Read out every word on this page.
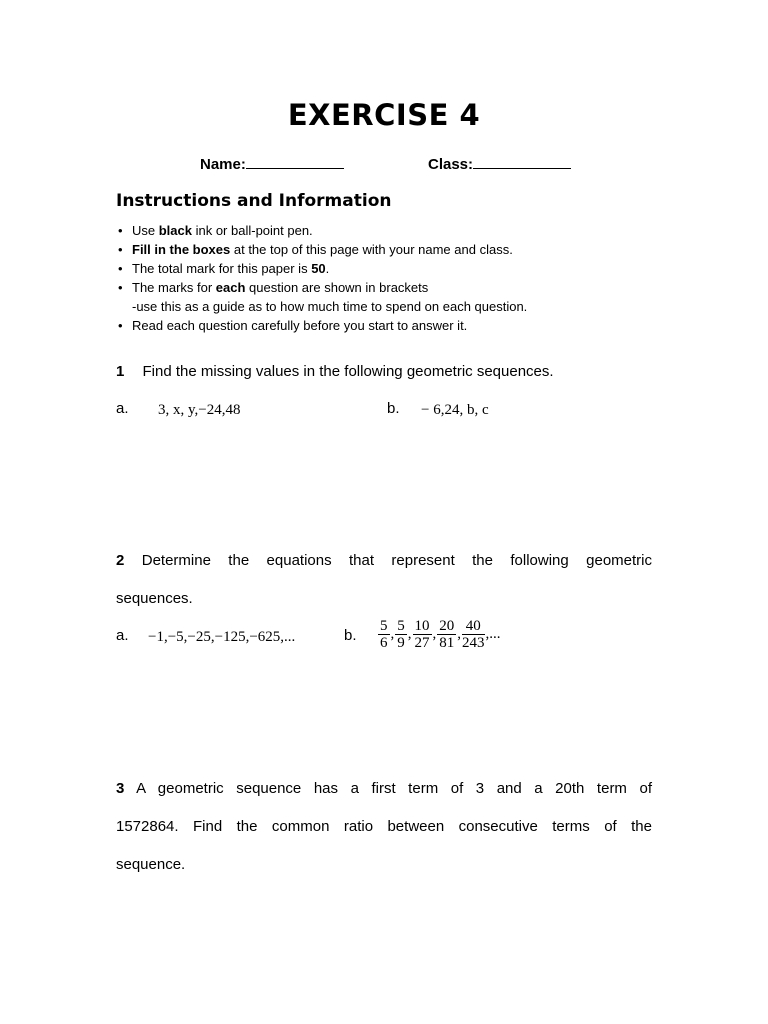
EXERCISE 4
Name:	Class:
Instructions and Information
• Use black ink or ball-point pen.
• Fill in the boxes at the top of this page with your name and class.
• The total mark for this paper is 50.
• The marks for each question are shown in brackets
-use this as a guide as to how much time to spend on each question.
• Read each question carefully before you start to answer it.
1 Find the missing values in the following geometric sequences.
a. 3, x, y,−24,48	b. − 6,24, b, c
2 Determine the equations that represent the following geometric
sequences.
a. −1,−5,−25,−125,−625,...	b. $\frac{5}{6}$ , $\frac{5}{9}$ , $\frac{10}{27}$ , $\frac{20}{81}$ , $\frac{40}{243}$ ,...
3 A geometric sequence has a first term of 3 and a 20th term of
1572864. Find the common ratio between consecutive terms of the
sequence.
